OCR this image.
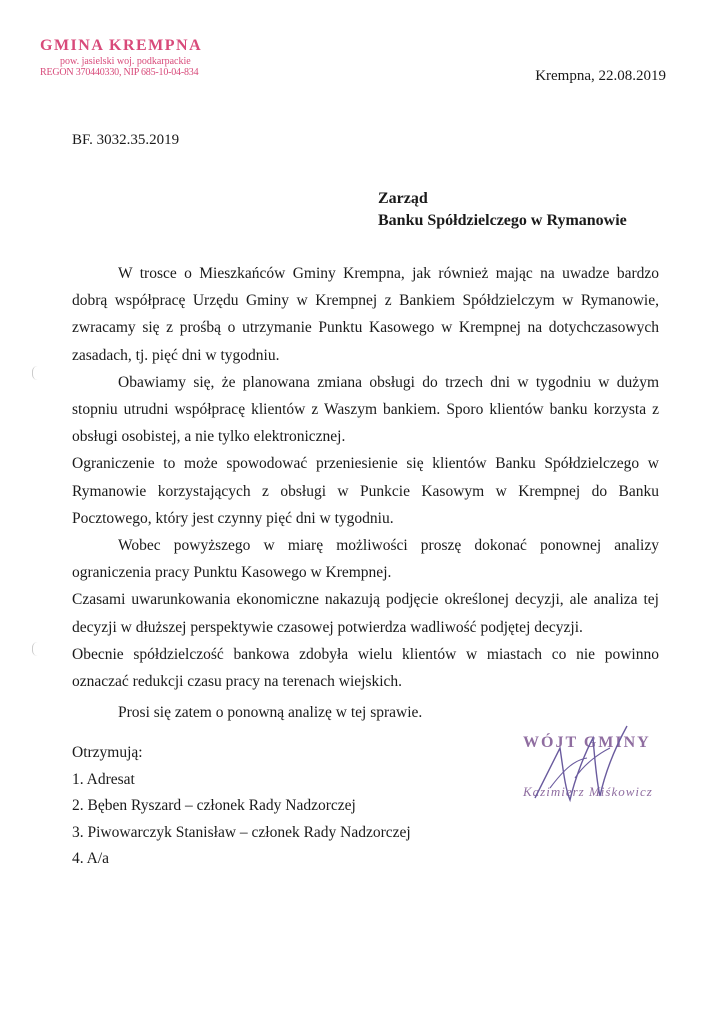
GMINA KREMPNA
pow. jasielski woj. podkarpackie
REGON 370440330, NIP 685-10-04-834	Krempna, 22.08.2019
BF. 3032.35.2019
Zarząd
Banku Spółdzielczego w Rymanowie

W trosce o Mieszkańców Gminy Krempna, jak również mając na uwadze bardzo dobrą współpracę Urzędu Gminy w Krempnej z Bankiem Spółdzielczym w Rymanowie, zwracamy się z prośbą o utrzymanie Punktu Kasowego w Krempnej na dotychczasowych zasadach, tj. pięć dni w tygodniu.

Obawiamy się, że planowana zmiana obsługi do trzech dni w tygodniu w dużym stopniu utrudni współpracę klientów z Waszym bankiem. Sporo klientów banku korzysta z obsługi osobistej, a nie tylko elektronicznej.

Ograniczenie to może spowodować przeniesienie się klientów Banku Spółdzielczego w Rymanowie korzystających z obsługi w Punkcie Kasowym w Krempnej do Banku Pocztowego, który jest czynny pięć dni w tygodniu.

Wobec powyższego w miarę możliwości proszę dokonać ponownej analizy ograniczenia pracy Punktu Kasowego w Krempnej.

Czasami uwarunkowania ekonomiczne nakazują podjęcie określonej decyzji, ale analiza tej decyzji w dłuższej perspektywie czasowej potwierdza wadliwość podjętej decyzji.

Obecnie spółdzielczość bankowa zdobyła wielu klientów w miastach co nie powinno oznaczać redukcji czasu pracy na terenach wiejskich.

Prosi się zatem o ponowną analizę w tej sprawie.

Otrzymują:
1. Adresat
2. Bęben Ryszard – członek Rady Nadzorczej
3. Piwowarczyk Stanisław – członek Rady Nadzorczej
4. A/a
WÓJT GMINY
Kazimierz Miśkowicz
